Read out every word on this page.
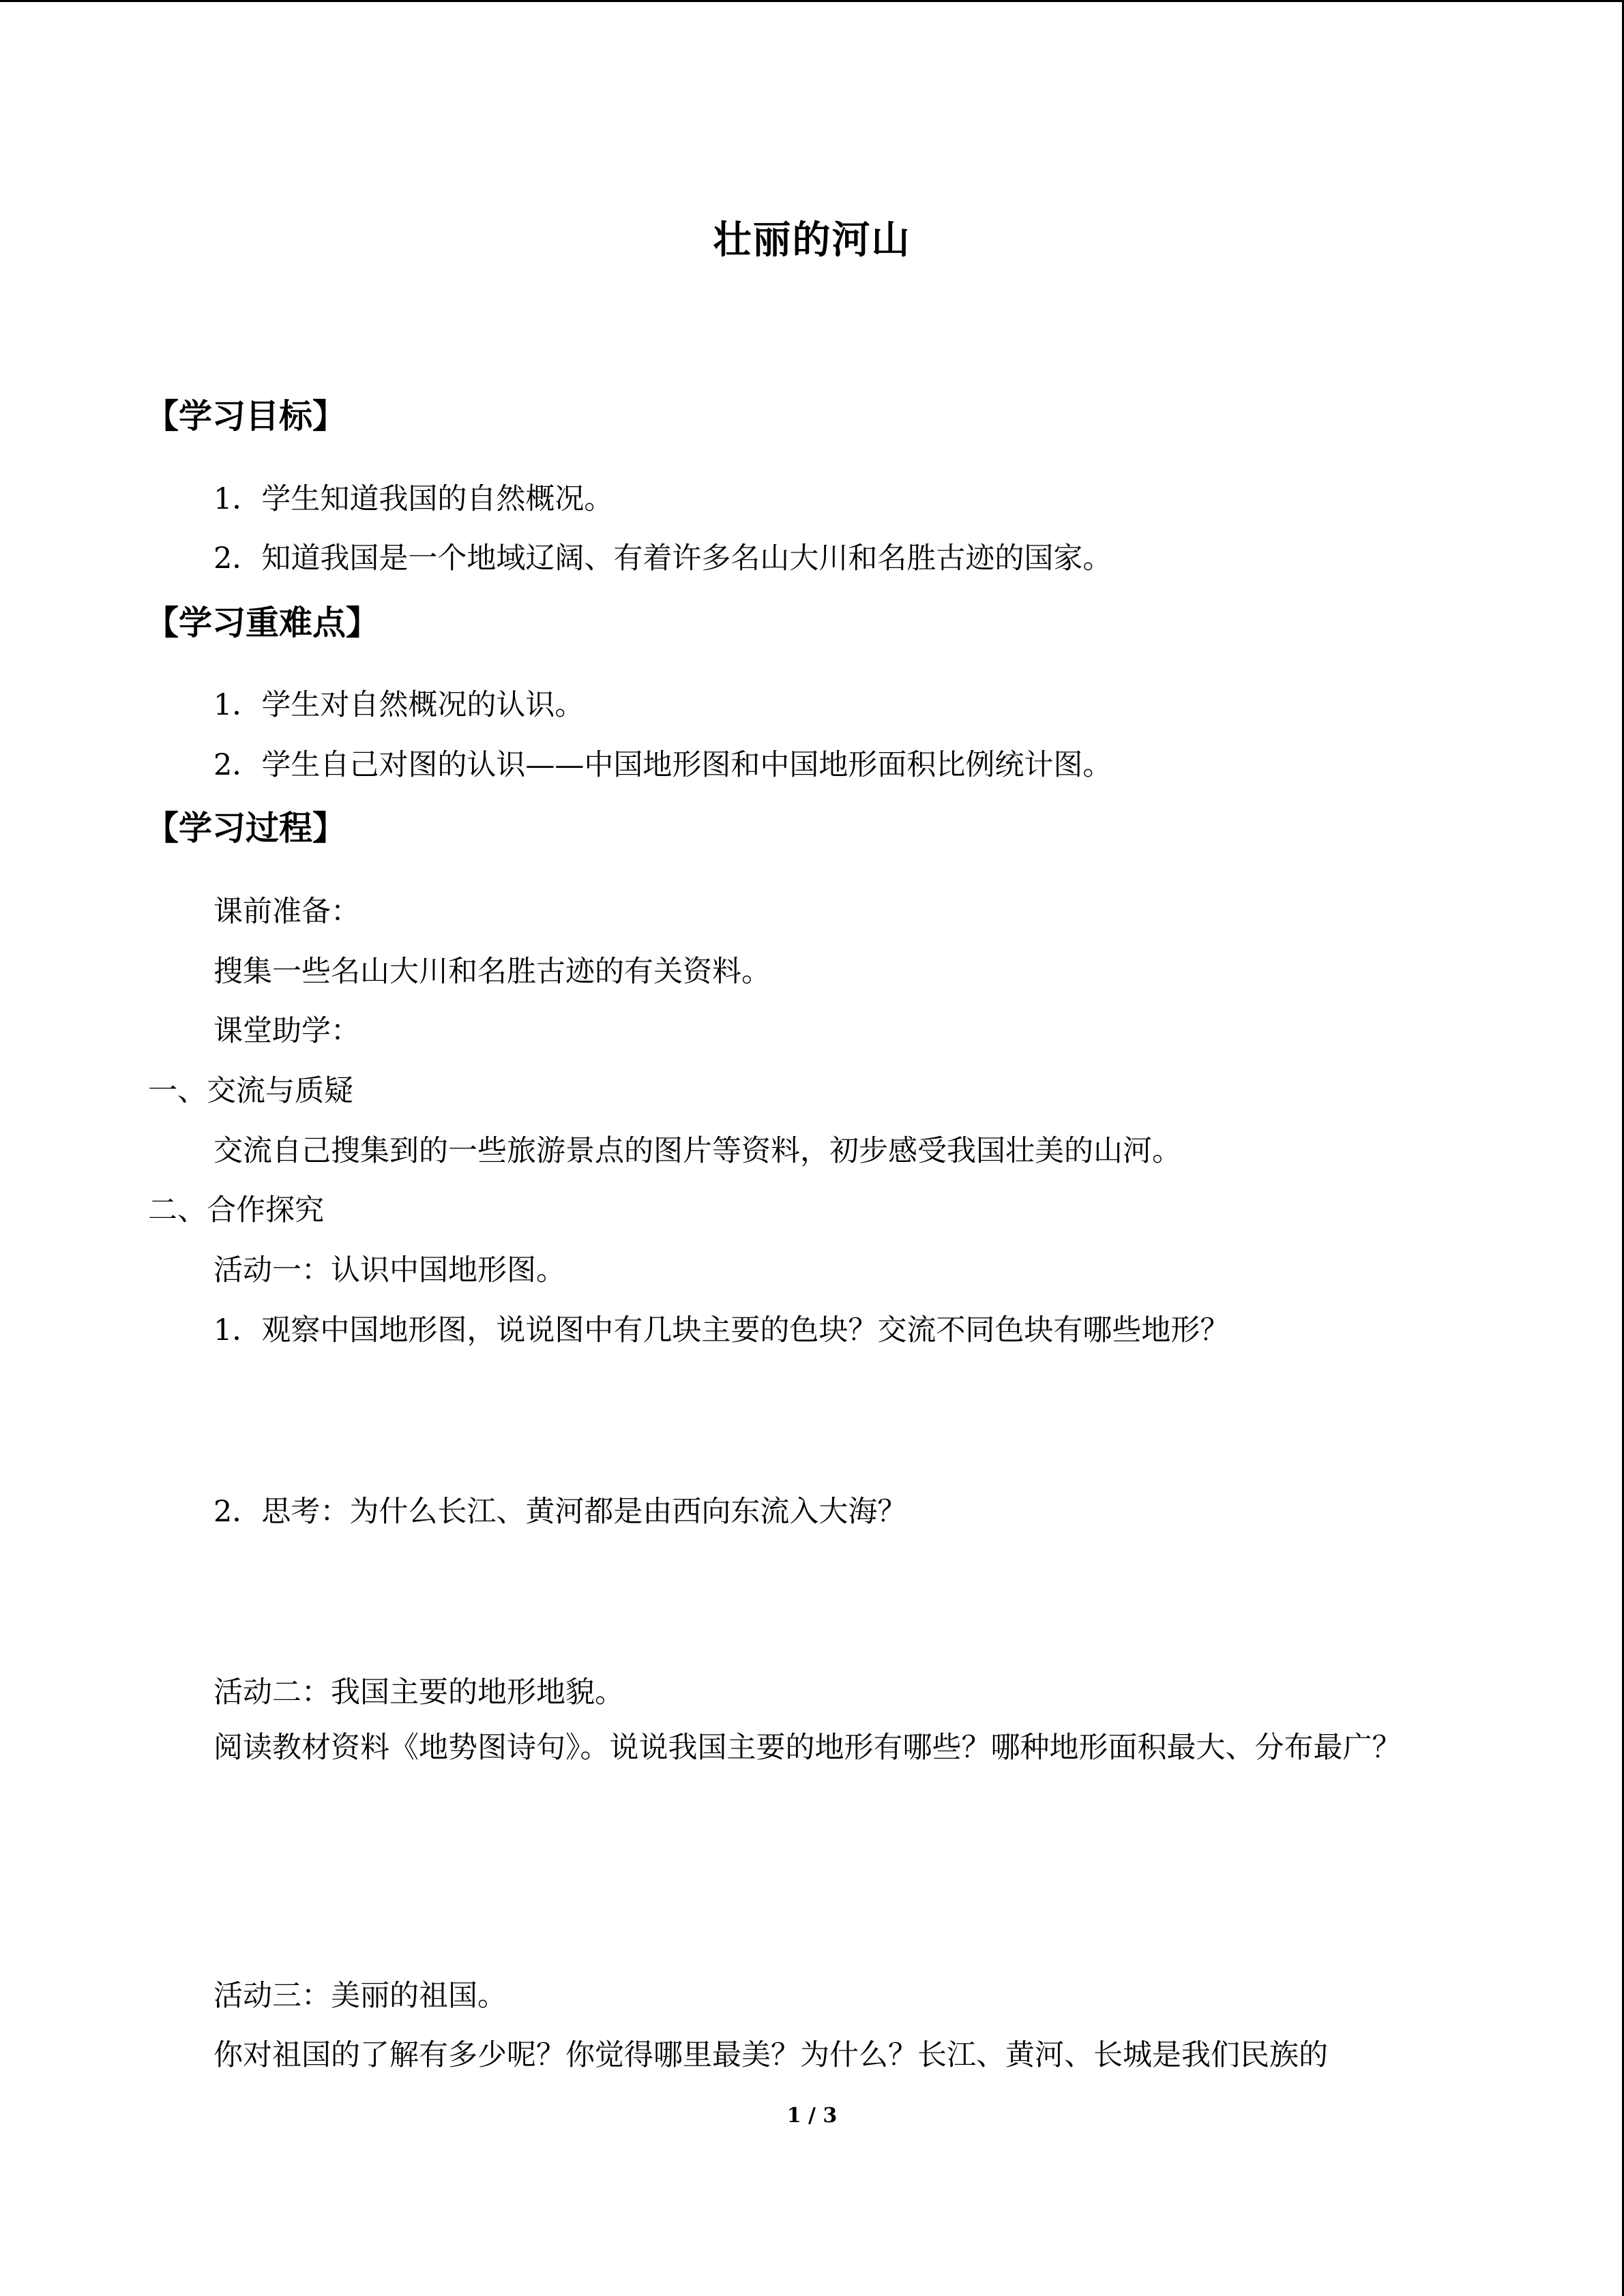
壮丽的河山
【学习目标】
1．学生知道我国的自然概况。
2．知道我国是一个地域辽阔、有着许多名山大川和名胜古迹的国家。
【学习重难点】
1．学生对自然概况的认识。
2．学生自己对图的认识——中国地形图和中国地形面积比例统计图。
【学习过程】
课前准备：
搜集一些名山大川和名胜古迹的有关资料。
课堂助学：
一、交流与质疑
交流自己搜集到的一些旅游景点的图片等资料，初步感受我国壮美的山河。
二、合作探究
活动一：认识中国地形图。
1．观察中国地形图，说说图中有几块主要的色块？交流不同色块有哪些地形？
2．思考：为什么长江、黄河都是由西向东流入大海？
活动二：我国主要的地形地貌。
阅读教材资料《地势图诗句》。说说我国主要的地形有哪些？哪种地形面积最大、分布最广？
活动三：美丽的祖国。
你对祖国的了解有多少呢？你觉得哪里最美？为什么？长江、黄河、长城是我们民族的
1 / 3
